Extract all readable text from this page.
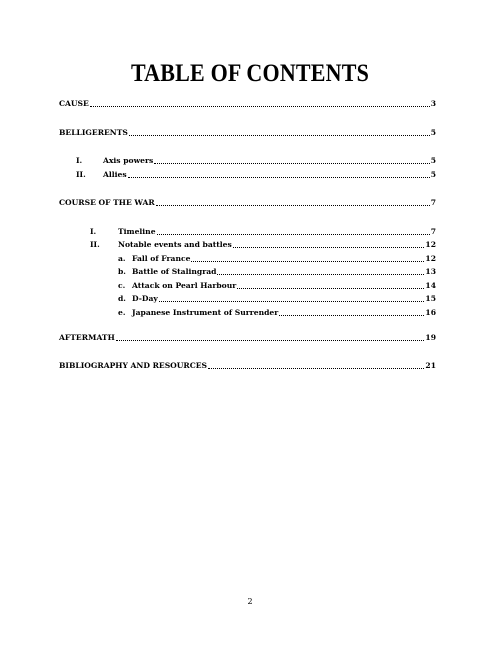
TABLE OF CONTENTS
CAUSE	3
BELLIGERENTS	5
I.	Axis powers	5
II.	Allies	5
COURSE OF THE WAR	7
I.	Timeline	7
II.	Notable events and battles	12
a. Fall of France	12
b. Battle of Stalingrad	13
c. Attack on Pearl Harbour	14
d. D-Day	15
e. Japanese Instrument of Surrender	16
AFTERMATH	19
BIBLIOGRAPHY AND RESOURCES	21
2
